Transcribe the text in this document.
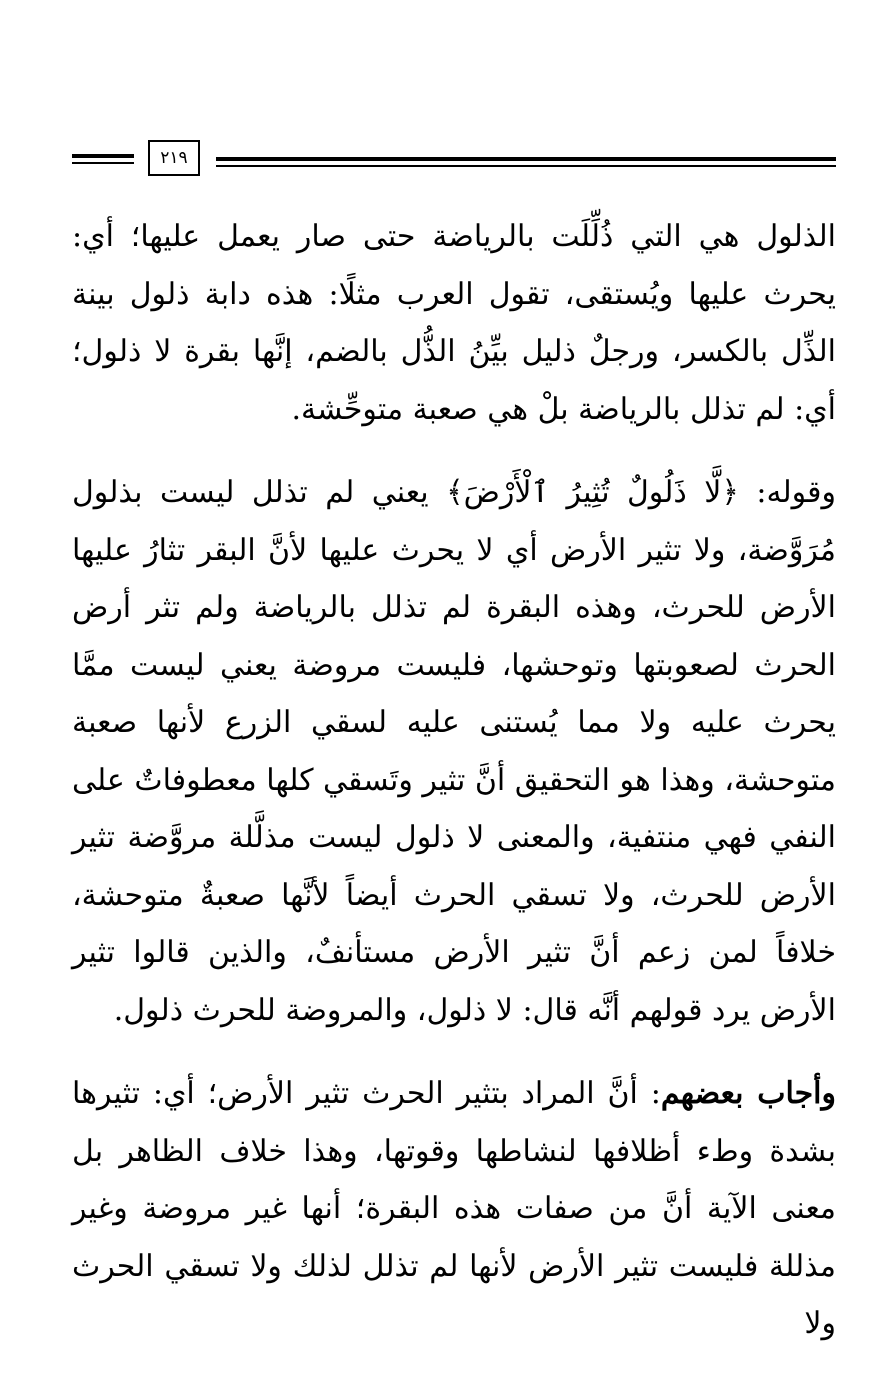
٢١٩

الذلول هي التي ذُلِّلَت بالرياضة حتى صار يعمل عليها؛ أي: يحرث عليها ويُستقى، تقول العرب مثلًا: هذه دابة ذلول بينة الذِّل بالكسر، ورجلٌ ذليل بيِّنُ الذُّل بالضم، إنَّها بقرة لا ذلول؛ أي: لم تذلل بالرياضة بلْ هي صعبة متوحِّشة.

وقوله: ﴿لَّا ذَلُولٌ تُثِيرُ ٱلْأَرْضَ﴾ يعني لم تذلل ليست بذلول مُرَوَّضة، ولا تثير الأرض أي لا يحرث عليها لأنَّ البقر تثارُ عليها الأرض للحرث، وهذه البقرة لم تذلل بالرياضة ولم تثر أرض الحرث لصعوبتها وتوحشها، فليست مروضة يعني ليست ممَّا يحرث عليه ولا مما يُستنى عليه لسقي الزرع لأنها صعبة متوحشة، وهذا هو التحقيق أنَّ تثير وتَسقي كلها معطوفاتٌ على النفي فهي منتفية، والمعنى لا ذلول ليست مذلَّلة مروَّضة تثير الأرض للحرث، ولا تسقي الحرث أيضاً لأنَّها صعبةٌ متوحشة، خلافاً لمن زعم أنَّ تثير الأرض مستأنفٌ، والذين قالوا تثير الأرض يرد قولهم أنَّه قال: لا ذلول، والمروضة للحرث ذلول.

وأجاب بعضهم: أنَّ المراد بتثير الحرث تثير الأرض؛ أي: تثيرها بشدة وطء أظلافها لنشاطها وقوتها، وهذا خلاف الظاهر بل معنى الآية أنَّ من صفات هذه البقرة؛ أنها غير مروضة وغير مذللة فليست تثير الأرض لأنها لم تذلل لذلك ولا تسقي الحرث ولا
